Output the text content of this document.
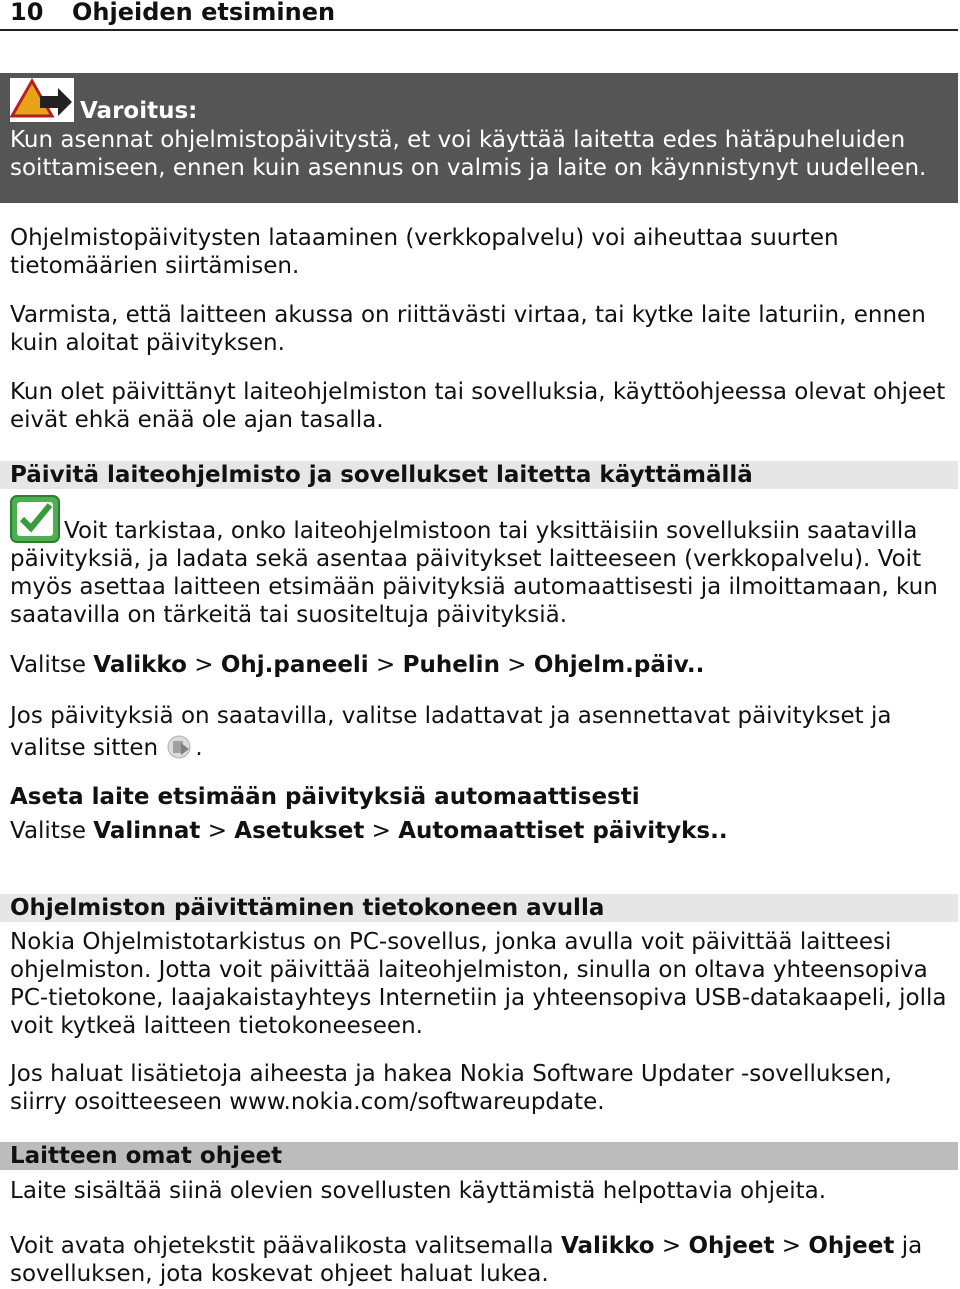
10 Ohjeiden etsiminen
Varoitus:
Kun asennat ohjelmistopäivitystä, et voi käyttää laitetta edes hätäpuheluiden soittamiseen, ennen kuin asennus on valmis ja laite on käynnistynyt uudelleen.
Ohjelmistopäivitysten lataaminen (verkkopalvelu) voi aiheuttaa suurten tietomäärien siirtämisen.
Varmista, että laitteen akussa on riittävästi virtaa, tai kytke laite laturiin, ennen kuin aloitat päivityksen.
Kun olet päivittänyt laiteohjelmiston tai sovelluksia, käyttöohjeessa olevat ohjeet eivät ehkä enää ole ajan tasalla.
Päivitä laiteohjelmisto ja sovellukset laitetta käyttämällä
Voit tarkistaa, onko laiteohjelmistoon tai yksittäisiin sovelluksiin saatavilla päivityksiä, ja ladata sekä asentaa päivitykset laitteeseen (verkkopalvelu). Voit myös asettaa laitteen etsimään päivityksiä automaattisesti ja ilmoittamaan, kun saatavilla on tärkeitä tai suositeltuja päivityksiä.
Valitse Valikko > Ohj.paneeli > Puhelin > Ohjelm.päiv..
Jos päivityksiä on saatavilla, valitse ladattavat ja asennettavat päivitykset ja valitse sitten .
Aseta laite etsimään päivityksiä automaattisesti
Valitse Valinnat > Asetukset > Automaattiset päivityks..
Ohjelmiston päivittäminen tietokoneen avulla
Nokia Ohjelmistotarkistus on PC-sovellus, jonka avulla voit päivittää laitteesi ohjelmiston. Jotta voit päivittää laiteohjelmiston, sinulla on oltava yhteensopiva PC-tietokone, laajakaistayhteys Internetiin ja yhteensopiva USB-datakaapeli, jolla voit kytkeä laitteen tietokoneeseen.
Jos haluat lisätietoja aiheesta ja hakea Nokia Software Updater -sovelluksen, siirry osoitteeseen www.nokia.com/softwareupdate.
Laitteen omat ohjeet
Laite sisältää siinä olevien sovellusten käyttämistä helpottavia ohjeita.
Voit avata ohjetekstit päävalikosta valitsemalla Valikko > Ohjeet > Ohjeet ja sovelluksen, jota koskevat ohjeet haluat lukea.
